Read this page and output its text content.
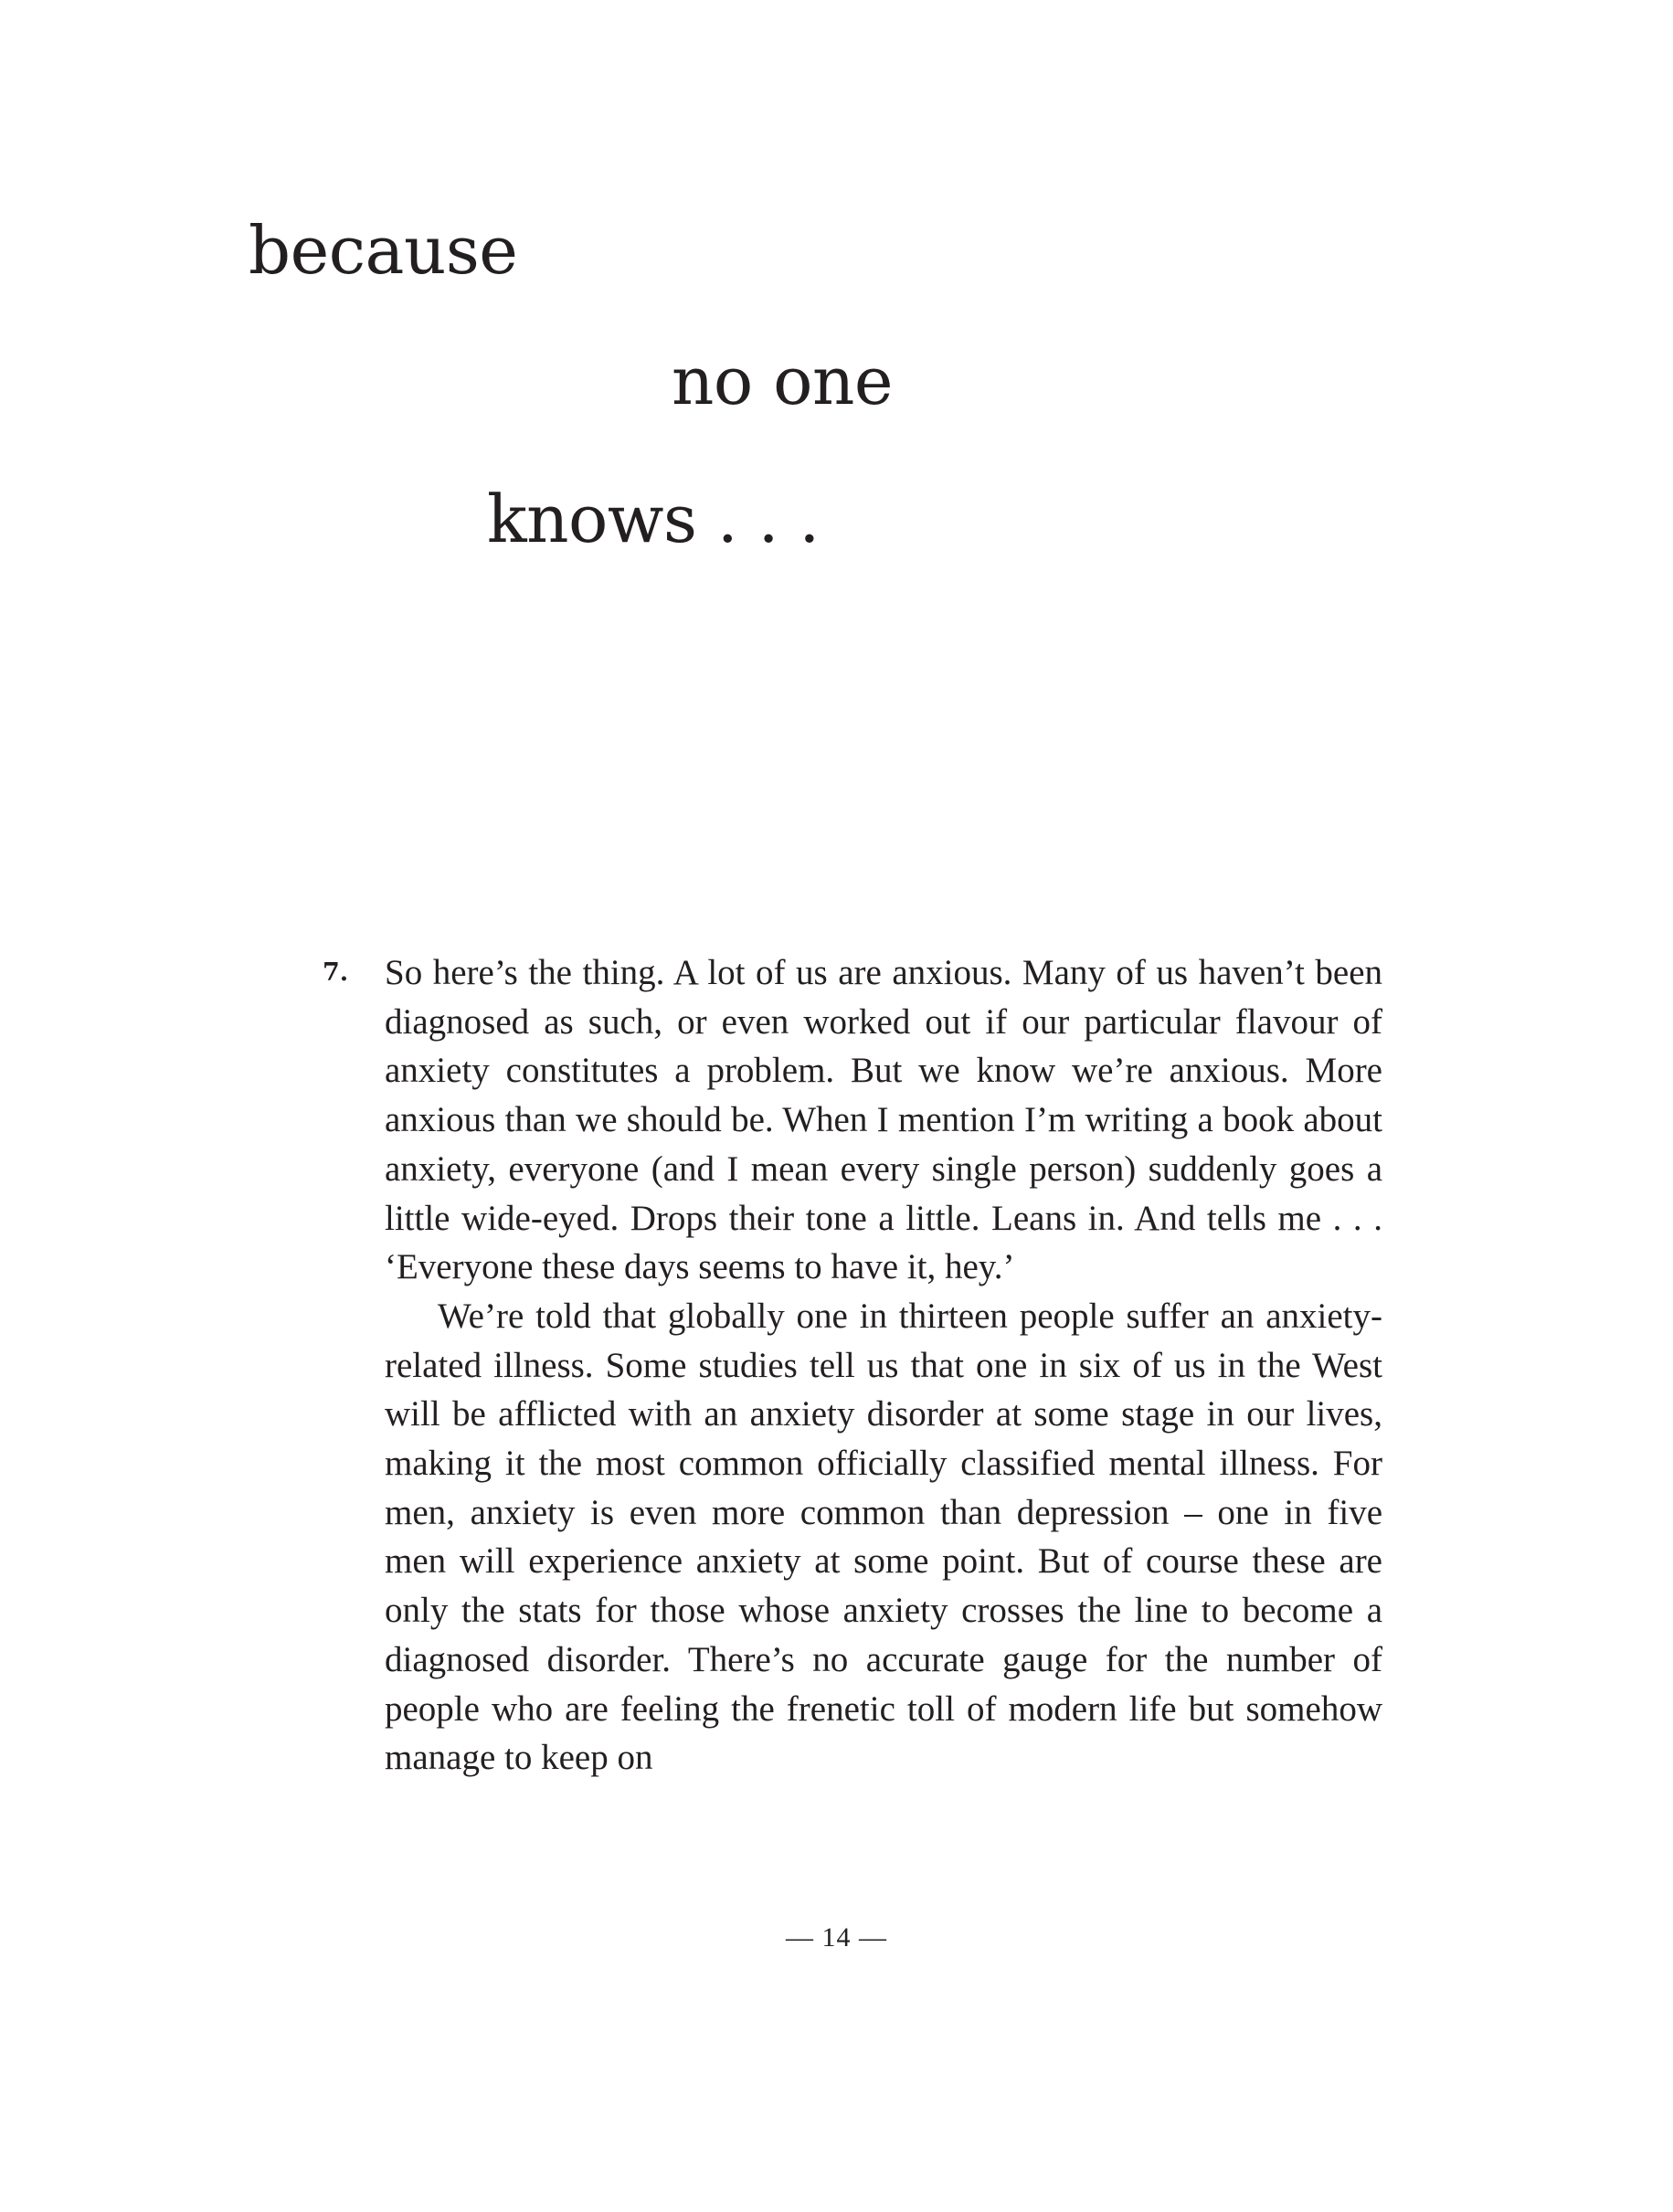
because
no one
knows . . .
7. So here’s the thing. A lot of us are anxious. Many of us haven’t been diagnosed as such, or even worked out if our particular flavour of anxiety constitutes a problem. But we know we’re anxious. More anxious than we should be. When I mention I’m writing a book about anxiety, everyone (and I mean every single person) suddenly goes a little wide-eyed. Drops their tone a little. Leans in. And tells me . . . ‘Everyone these days seems to have it, hey.’

We’re told that globally one in thirteen people suffer an anxiety-related illness. Some studies tell us that one in six of us in the West will be afflicted with an anxiety disorder at some stage in our lives, making it the most common officially classified mental illness. For men, anxiety is even more common than depression – one in five men will experience anxiety at some point. But of course these are only the stats for those whose anxiety crosses the line to become a diagnosed disorder. There’s no accurate gauge for the number of people who are feeling the frenetic toll of modern life but somehow manage to keep on

— 14 —
